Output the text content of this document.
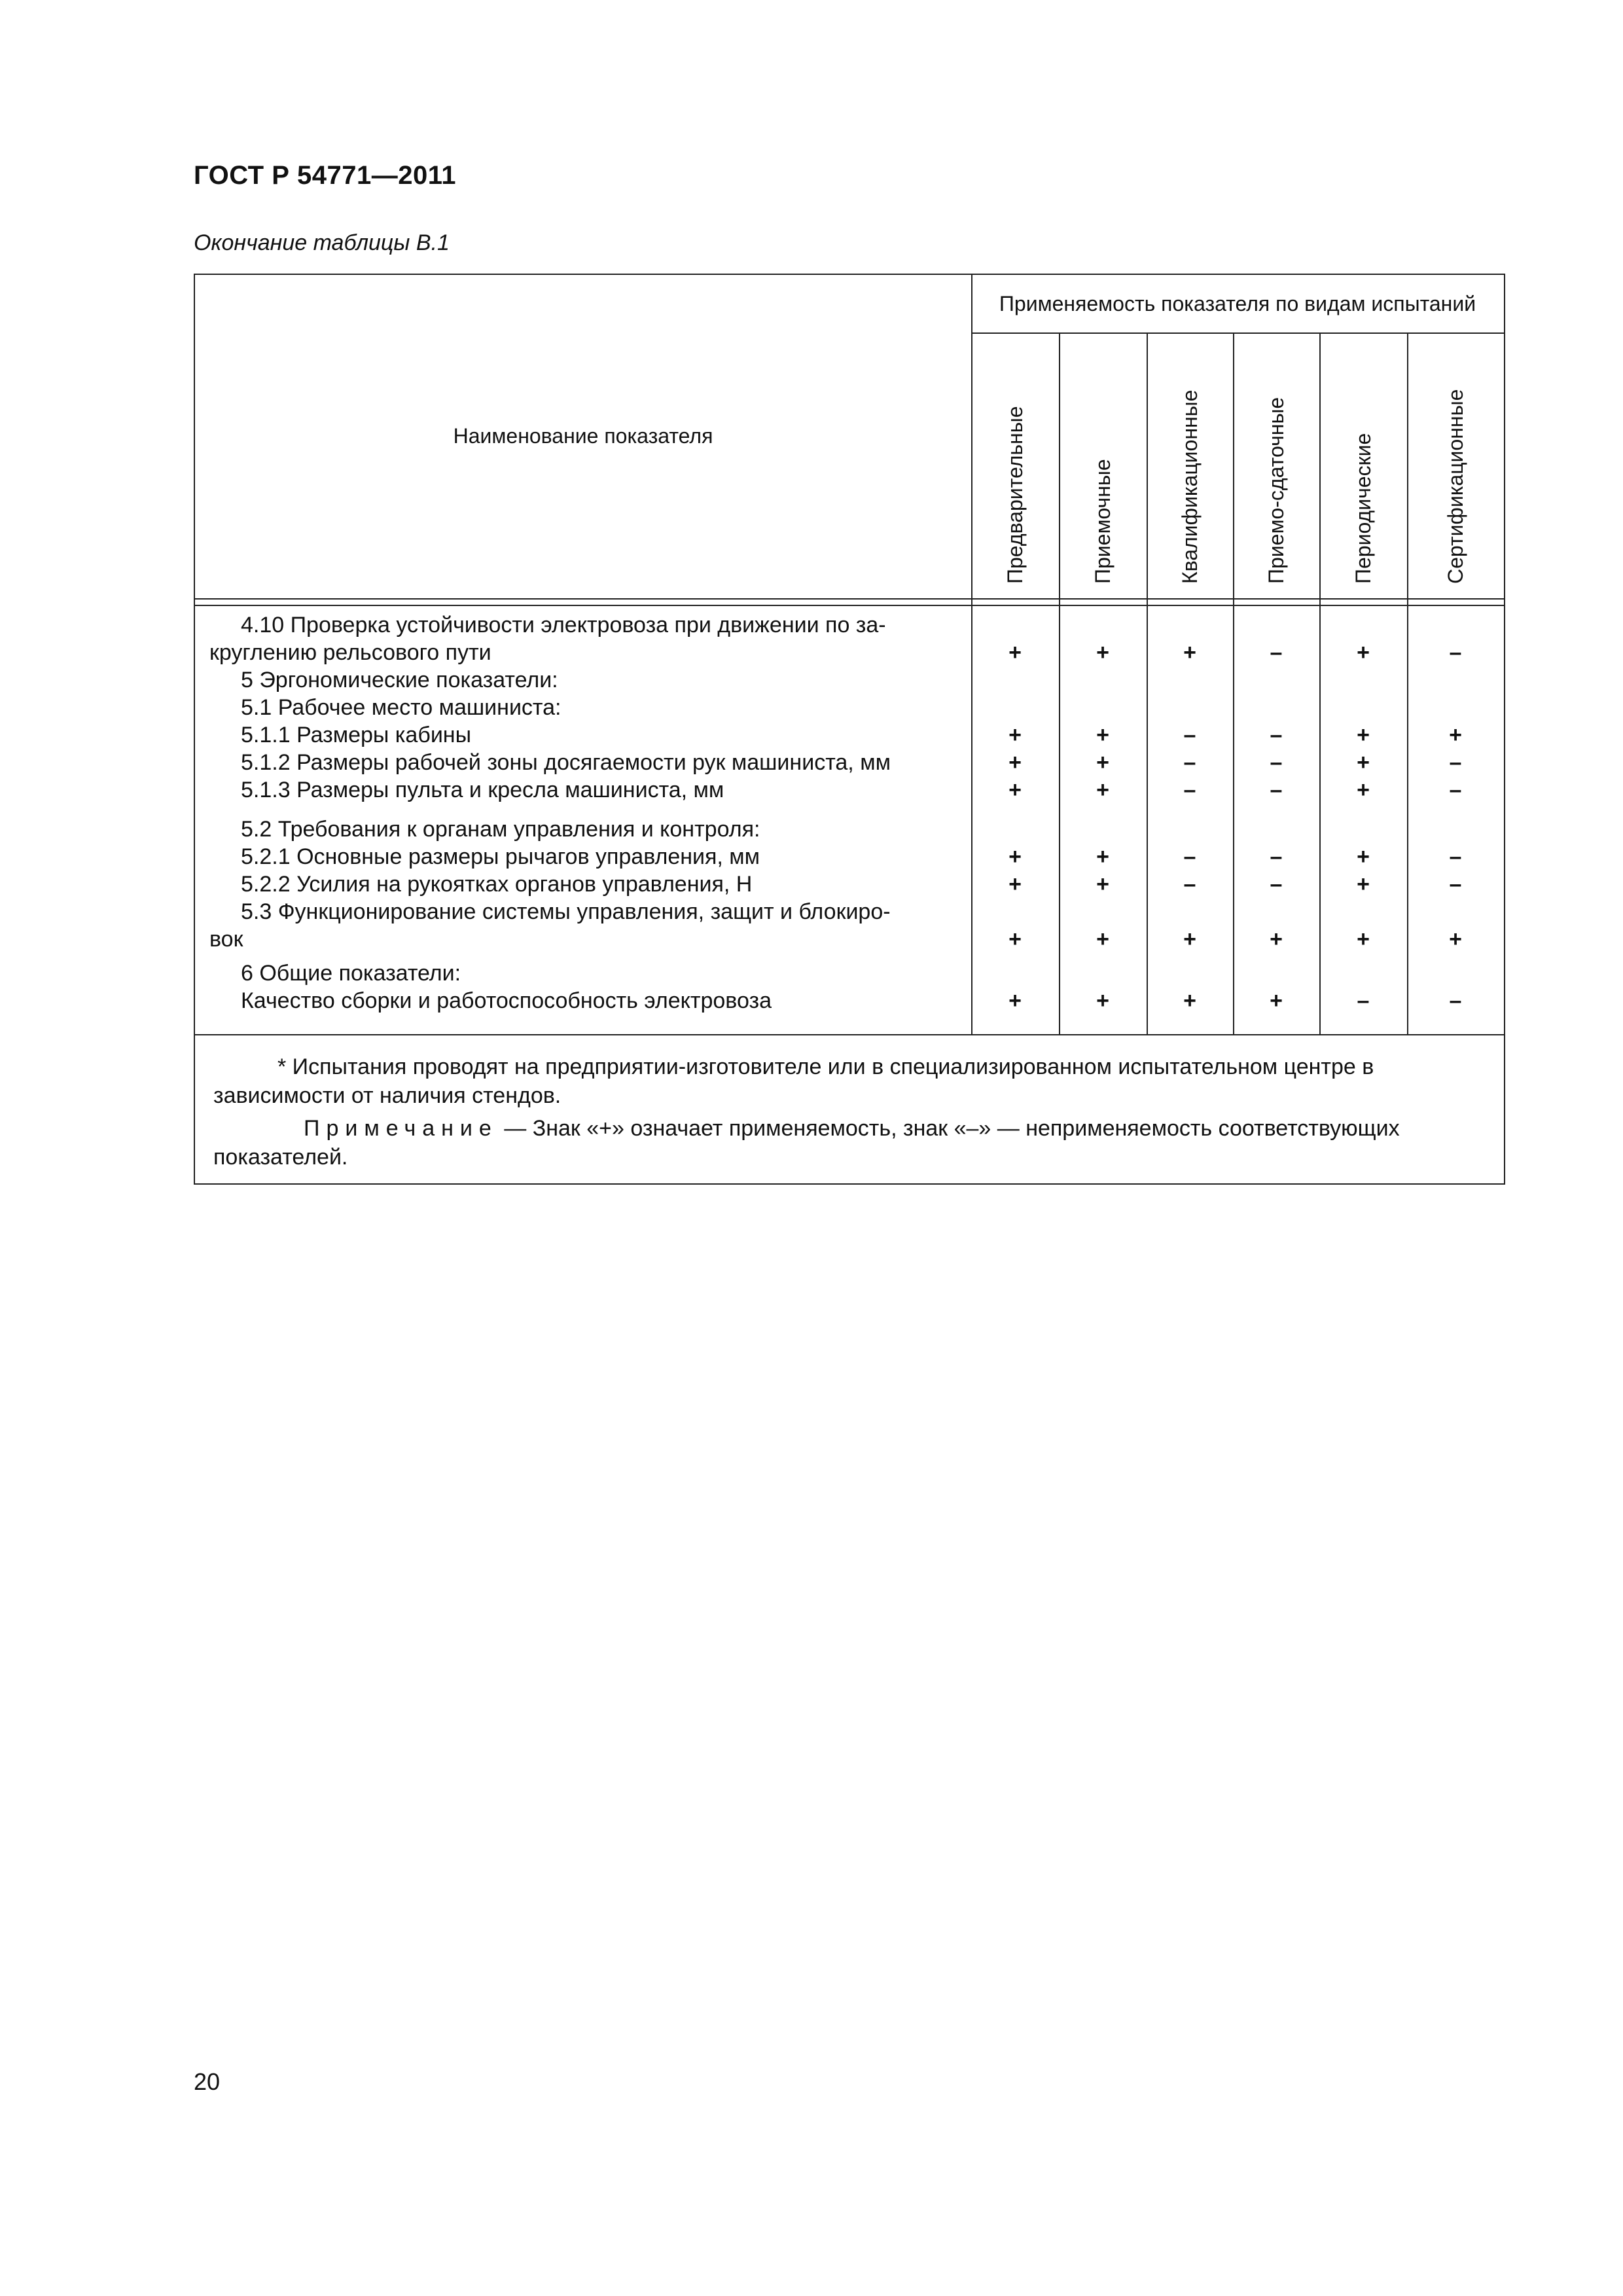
ГОСТ Р 54771—2011
Окончание таблицы В.1
Наименование показателя
Применяемость показателя по видам испытаний
Предварительные	Приемочные	Квалификационные	Приемо-сдаточные	Периодические	Сертификационные
4.10 Проверка устойчивости электровоза при движении по за-
круглению рельсового пути	+	+	+	–	+	–
5 Эргономические показатели:
5.1 Рабочее место машиниста:
5.1.1 Размеры кабины	+	+	–	–	+	+
5.1.2 Размеры рабочей зоны досягаемости рук машиниста, мм	+	+	–	–	+	–
5.1.3 Размеры пульта и кресла машиниста, мм	+	+	–	–	+	–
5.2 Требования к органам управления и контроля:
5.2.1 Основные размеры рычагов управления, мм	+	+	–	–	+	–
5.2.2 Усилия на рукоятках органов управления, Н	+	+	–	–	+	–
5.3 Функционирование системы управления, защит и блокиро-
вок	+	+	+	+	+	+
6 Общие показатели:
Качество сборки и работоспособность электровоза	+	+	+	+	–	–
* Испытания проводят на предприятии-изготовителе или в специализированном испытательном центре в
зависимости от наличия стендов.
Примечание — Знак «+» означает применяемость, знак «–» — неприменяемость соответствующих
показателей.
20
